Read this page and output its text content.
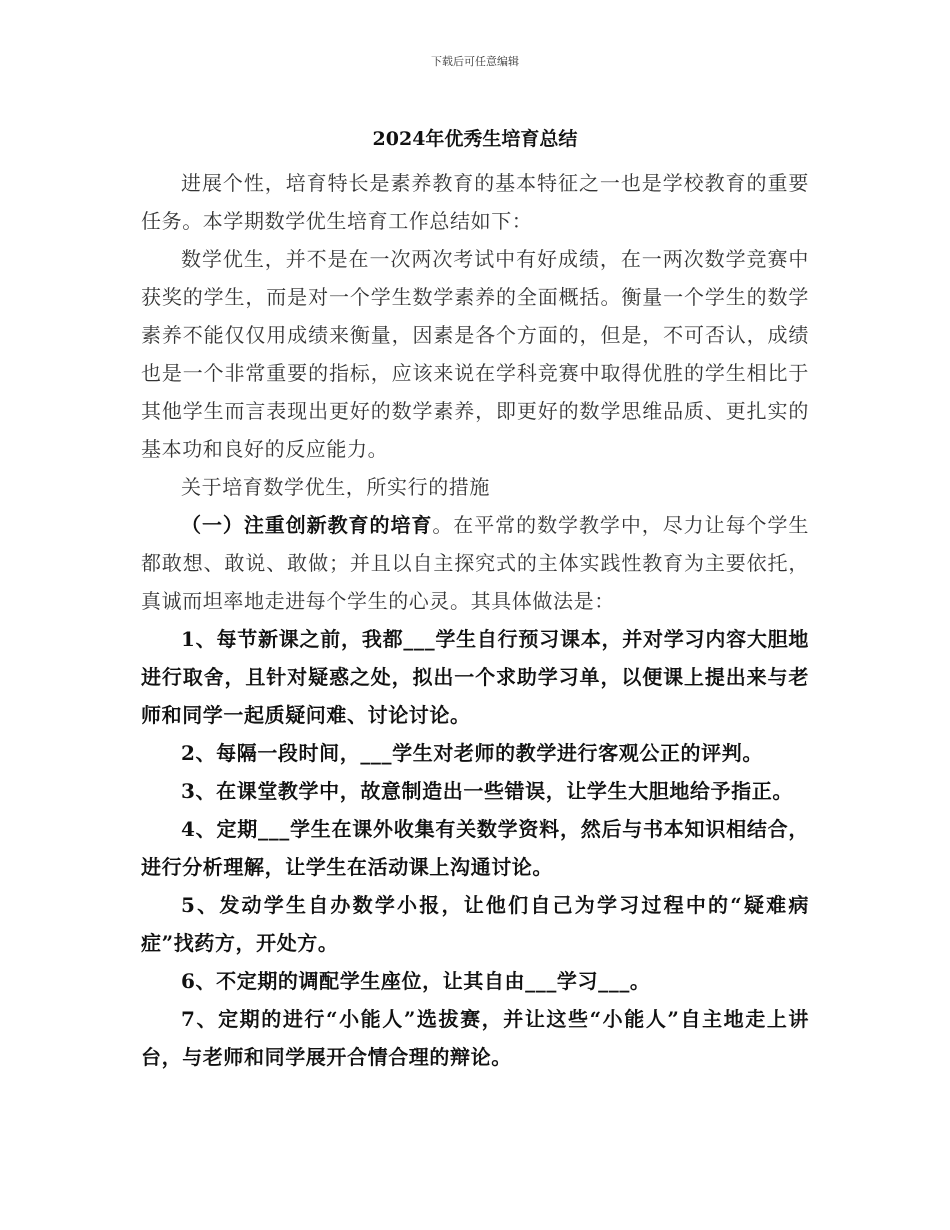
下载后可任意编辑
2024年优秀生培育总结

进展个性，培育特长是素养教育的基本特征之一也是学校教育的重要任务。本学期数学优生培育工作总结如下：

数学优生，并不是在一次两次考试中有好成绩，在一两次数学竞赛中获奖的学生，而是对一个学生数学素养的全面概括。衡量一个学生的数学素养不能仅仅用成绩来衡量，因素是各个方面的，但是，不可否认，成绩也是一个非常重要的指标，应该来说在学科竞赛中取得优胜的学生相比于其他学生而言表现出更好的数学素养，即更好的数学思维品质、更扎实的基本功和良好的反应能力。

关于培育数学优生，所实行的措施

（一）注重创新教育的培育。在平常的数学教学中，尽力让每个学生都敢想、敢说、敢做；并且以自主探究式的主体实践性教育为主要依托，真诚而坦率地走进每个学生的心灵。其具体做法是：

1、每节新课之前，我都___学生自行预习课本，并对学习内容大胆地进行取舍，且针对疑惑之处，拟出一个求助学习单，以便课上提出来与老师和同学一起质疑问难、讨论讨论。

2、每隔一段时间，___学生对老师的教学进行客观公正的评判。

3、在课堂教学中，故意制造出一些错误，让学生大胆地给予指正。

4、定期___学生在课外收集有关数学资料，然后与书本知识相结合，进行分析理解，让学生在活动课上沟通讨论。

5、发动学生自办数学小报，让他们自己为学习过程中的“疑难病症”找药方，开处方。

6、不定期的调配学生座位，让其自由___学习___。

7、定期的进行“小能人”选拔赛，并让这些“小能人”自主地走上讲台，与老师和同学展开合情合理的辩论。
